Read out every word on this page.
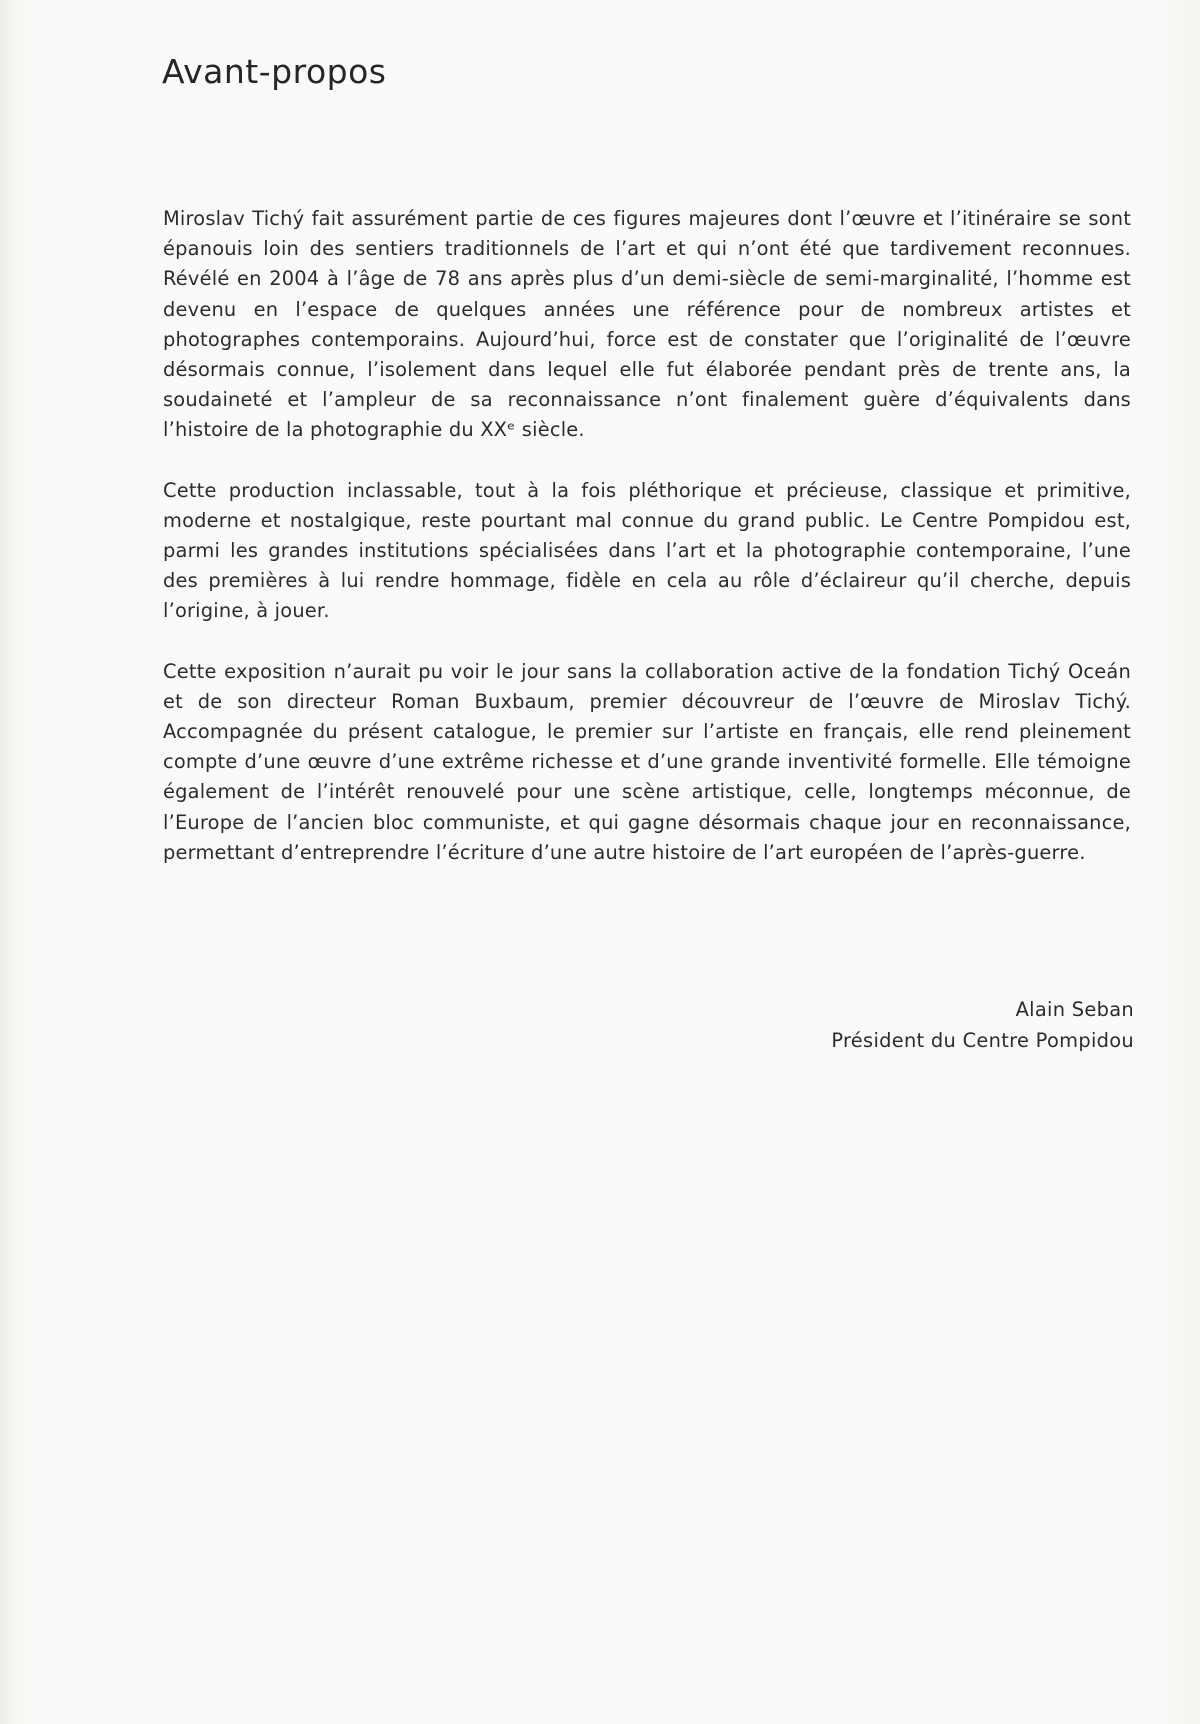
Avant-propos

Miroslav Tichý fait assurément partie de ces figures majeures dont l’œuvre et l’itinéraire se sont épanouis loin des sentiers traditionnels de l’art et qui n’ont été que tardivement reconnues. Révélé en 2004 à l’âge de 78 ans après plus d’un demi-siècle de semi-marginalité, l’homme est devenu en l’espace de quelques années une référence pour de nombreux artistes et photographes contemporains. Aujourd’hui, force est de constater que l’originalité de l’œuvre désormais connue, l’isolement dans lequel elle fut élaborée pendant près de trente ans, la soudaineté et l’ampleur de sa reconnaissance n’ont finalement guère d’équivalents dans l’histoire de la photographie du XXᵉ siècle.

Cette production inclassable, tout à la fois pléthorique et précieuse, classique et primitive, moderne et nostalgique, reste pourtant mal connue du grand public. Le Centre Pompidou est, parmi les grandes institutions spécialisées dans l’art et la photographie contemporaine, l’une des premières à lui rendre hommage, fidèle en cela au rôle d’éclaireur qu’il cherche, depuis l’origine, à jouer.

Cette exposition n’aurait pu voir le jour sans la collaboration active de la fondation Tichý Oceán et de son directeur Roman Buxbaum, premier découvreur de l’œuvre de Miroslav Tichý. Accompagnée du présent catalogue, le premier sur l’artiste en français, elle rend pleinement compte d’une œuvre d’une extrême richesse et d’une grande inventivité formelle. Elle témoigne également de l’intérêt renouvelé pour une scène artistique, celle, longtemps méconnue, de l’Europe de l’ancien bloc communiste, et qui gagne désormais chaque jour en reconnaissance, permettant d’entreprendre l’écriture d’une autre histoire de l’art européen de l’après-guerre.

Alain Seban
Président du Centre Pompidou
